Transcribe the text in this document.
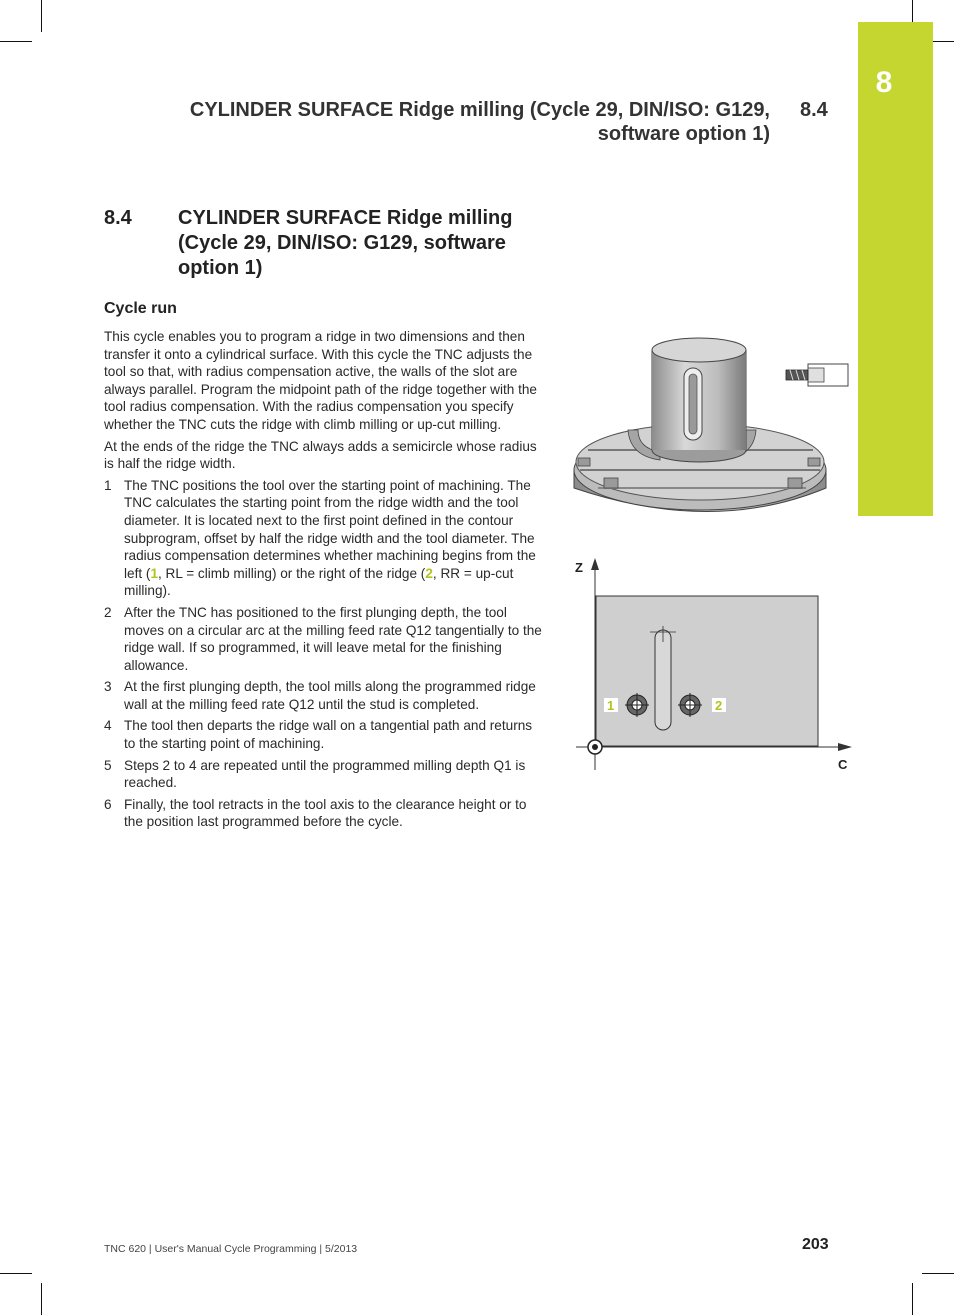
8
CYLINDER SURFACE Ridge milling (Cycle 29, DIN/ISO: G129, software option 1)
8.4
8.4 CYLINDER SURFACE Ridge milling (Cycle 29, DIN/ISO: G129, software option 1)
Cycle run

This cycle enables you to program a ridge in two dimensions and then transfer it onto a cylindrical surface. With this cycle the TNC adjusts the tool so that, with radius compensation active, the walls of the slot are always parallel. Program the midpoint path of the ridge together with the tool radius compensation. With the radius compensation you specify whether the TNC cuts the ridge with climb milling or up-cut milling.

At the ends of the ridge the TNC always adds a semicircle whose radius is half the ridge width.

1 The TNC positions the tool over the starting point of machining. The TNC calculates the starting point from the ridge width and the tool diameter. It is located next to the first point defined in the contour subprogram, offset by half the ridge width and the tool diameter. The radius compensation determines whether machining begins from the left (1, RL = climb milling) or the right of the ridge (2, RR = up-cut milling).
2 After the TNC has positioned to the first plunging depth, the tool moves on a circular arc at the milling feed rate Q12 tangentially to the ridge wall. If so programmed, it will leave metal for the finishing allowance.
3 At the first plunging depth, the tool mills along the programmed ridge wall at the milling feed rate Q12 until the stud is completed.
4 The tool then departs the ridge wall on a tangential path and returns to the starting point of machining.
5 Steps 2 to 4 are repeated until the programmed milling depth Q1 is reached.
6 Finally, the tool retracts in the tool axis to the clearance height or to the position last programmed before the cycle.
1	2
Z
C
TNC 620 | User's Manual Cycle Programming | 5/2013	203
